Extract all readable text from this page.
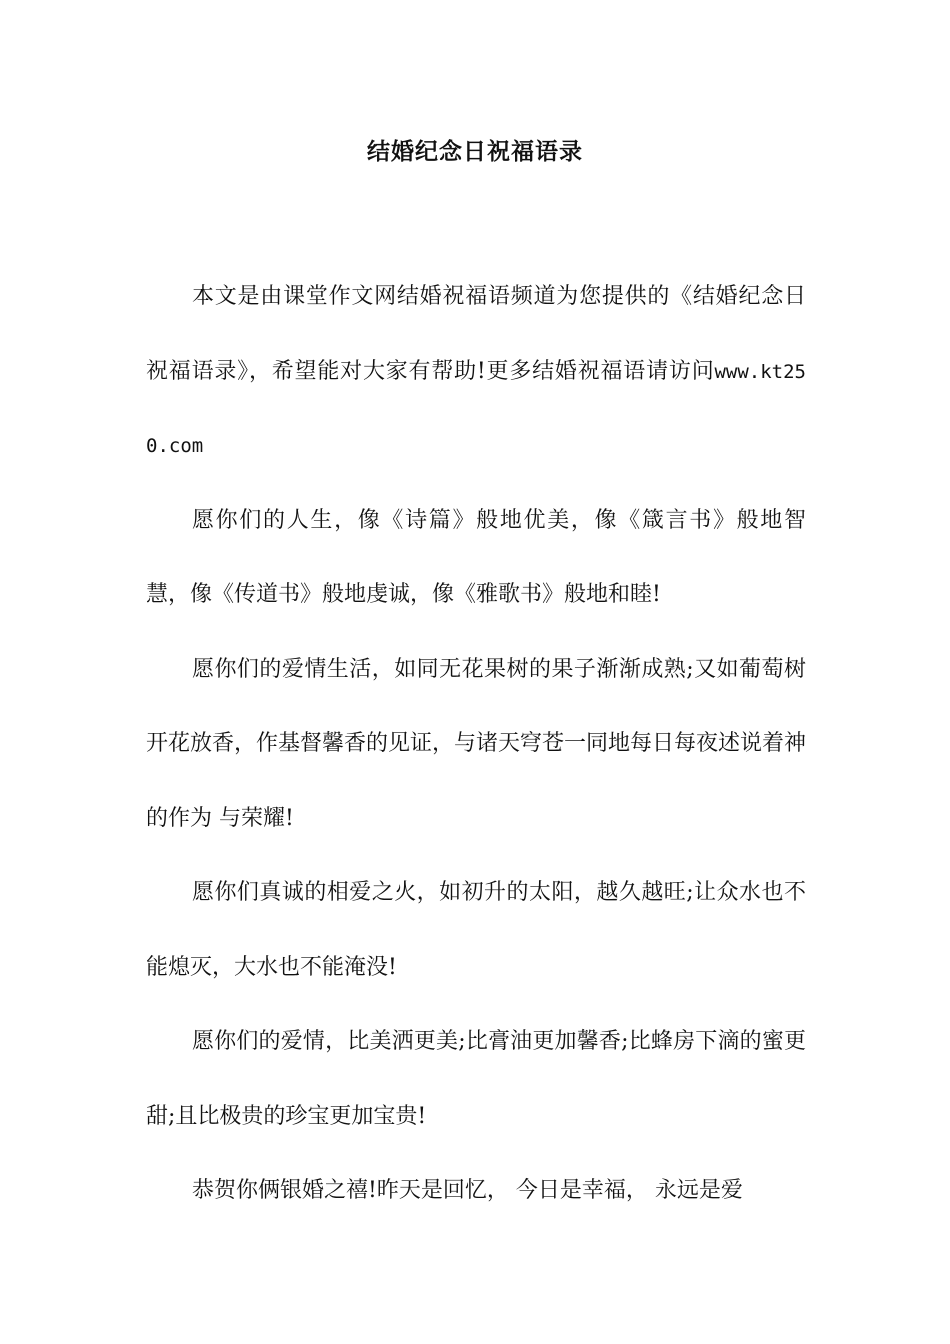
结婚纪念日祝福语录

本文是由课堂作文网结婚祝福语频道为您提供的《结婚纪念日祝福语录》，希望能对大家有帮助!更多结婚祝福语请访问www.kt250.com

愿你们的人生，像《诗篇》般地优美，像《箴言书》般地智慧，像《传道书》般地虔诚，像《雅歌书》般地和睦!

愿你们的爱情生活，如同无花果树的果子渐渐成熟;又如葡萄树开花放香，作基督馨香的见证，与诸天穹苍一同地每日每夜述说着神的作为 与荣耀!

愿你们真诚的相爱之火，如初升的太阳，越久越旺;让众水也不能熄灭，大水也不能淹没!

愿你们的爱情，比美洒更美;比膏油更加馨香;比蜂房下滴的蜜更甜;且比极贵的珍宝更加宝贵!

恭贺你俩银婚之禧!昨天是回忆， 今日是幸福， 永远是爱
